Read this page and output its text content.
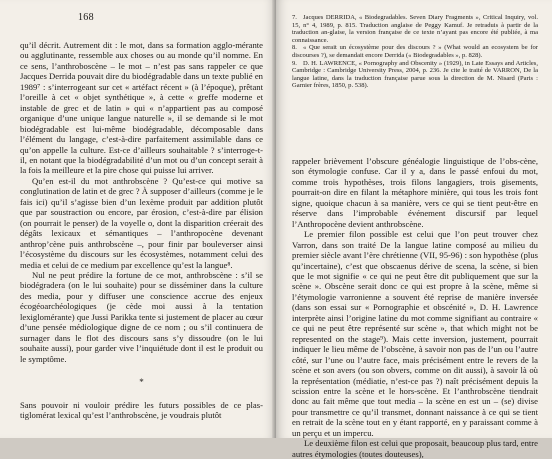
168

qu’il décrit. Autrement dit : le mot, dans sa formation agglo-mérante ou agglutinante, ressemble aux choses ou au monde qu’il nomme. En ce sens, l’anthroboscène – le mot – n’est pas sans rappeler ce que Jacques Derrida pouvait dire du biodégradable dans un texte publié en 1989⁷ : s’interrogeant sur cet « artéfact récent » (à l’époque), prêtant l’oreille à cet « objet synthétique », à cette « greffe moderne et instable de grec et de latin » qui « n’appartient pas au composé organique d’une unique langue naturelle », il se demande si le mot biodégradable est lui-même biodégradable, décomposable dans l’élément du langage, c’est-à-dire parfaitement assimilable dans ce qu’on appelle la culture. Est-ce d’ailleurs souhaitable ? s’interroge-t-il, en notant que la biodégradabilité d’un mot ou d’un concept serait à la fois la meilleure et la pire chose qui puisse lui arriver.

Qu’en est-il du mot anthrobscène ? Qu’est-ce qui motive sa conglutination de latin et de grec ? À supposer d’ailleurs (comme je le fais ici) qu’il s’agisse bien d’un lexème produit par addition plutôt que par soustraction ou encore, par érosion, c’est-à-dire par élision (on pourrait le penser) de la voyelle o, dont la disparition créerait des dégâts lexicaux et sémantiques – l’anthropocène devenant anthrop’cène puis anthrobscène –, pour finir par bouleverser ainsi l’écosystème du discours sur les écosystèmes, notamment celui des media et celui de ce medium par excellence qu’est la langue⁸.

Nul ne peut prédire la fortune de ce mot, anthrobscène : s’il se biodégradera (on le lui souhaite) pour se disséminer dans la culture des media, pour y diffuser une conscience accrue des enjeux écogéoarchéologiques (je cède moi aussi à la tentation lexiglomérante) que Jussi Parikka tente si justement de placer au cœur d’une pensée médiologique digne de ce nom ; ou s’il continuera de surnager dans le flot des discours sans s’y dissoudre (on le lui souhaite aussi), pour garder vive l’inquiétude dont il est le produit ou le symptôme.

*

Sans pouvoir ni vouloir prédire les futurs possibles de ce plas-tiglomérat lexical qu’est l’anthrobscène, je voudrais plutôt

7. Jacques DERRIDA, « Biodegradables. Seven Diary Fragments », Critical Inquiry, vol. 15, n° 4, 1989, p. 815. Traduction anglaise de Peggy Kamuf. Je retraduis à partir de la traduction an-glaise, la version française de ce texte n’ayant pas encore été publiée, à ma connaissance.

8. « Que serait un écosystème pour des discours ? » (What would an ecosystem be for discourses ?), se demandait encore Derrida (« Biodegradables », p. 828).

9. D. H. LAWRENCE, « Pornography and Obscenity » (1929), in Late Essays and Articles, Cambridge : Cambridge University Press, 2004, p. 236. Je cite le traité de VARRON, De la langue latine, dans la traduction française parue sous la direction de M. Nisard (Paris : Garnier frères, 1850, p. 538).

rappeler brièvement l’obscure généalogie linguistique de l’obs-cène, son étymologie confuse. Car il y a, dans le passé enfoui du mot, comme trois hypothèses, trois filons langagiers, trois gisements, pourrait-on dire en filant la métaphore minière, qui tous les trois font signe, quoique chacun à sa manière, vers ce qui se tient peut-être en réserve dans l’improbable événement discursif par lequel l’Anthropocène devient anthrobscène.

Le premier filon possible est celui que l’on peut trouver chez Varron, dans son traité De la langue latine composé au milieu du premier siècle avant l’ère chrétienne (VII, 95-96) : son hypothèse (plus qu’incertaine), c’est que obscaenus dérive de scena, la scène, si bien que le mot signifie « ce qui ne peut être dit publiquement que sur la scène ». Obscène serait donc ce qui est propre à la scène, même si l’étymologie varronienne a souvent été reprise de manière inversée (dans son essai sur « Pornographie et obscénité », D. H. Lawrence interprète ainsi l’origine latine du mot comme signifiant au contraire « ce qui ne peut être représenté sur scène », that which might not be represented on the stage⁹). Mais cette inversion, justement, pourrait indiquer le lieu même de l’obscène, à savoir non pas de l’un ou l’autre côté, sur l’une ou l’autre face, mais précisément entre le revers de la scène et son avers (ou son obvers, comme on dit aussi), à savoir là où la représentation (médiatie, n’est-ce pas ?) naît précisément depuis la scission entre la scène et le hors-scène. Et l’anthrobscène tiendrait donc au fait même que tout media – la scène en est un – (se) divise pour transmettre ce qu’il transmet, donnant naissance à ce qui se tient en retrait de la scène tout en y étant rapporté, en y paraissant comme à un perçu et un impercu.

Le deuxième filon est celui que proposait, beaucoup plus tard, entre autres étymologies (toutes douteuses),
